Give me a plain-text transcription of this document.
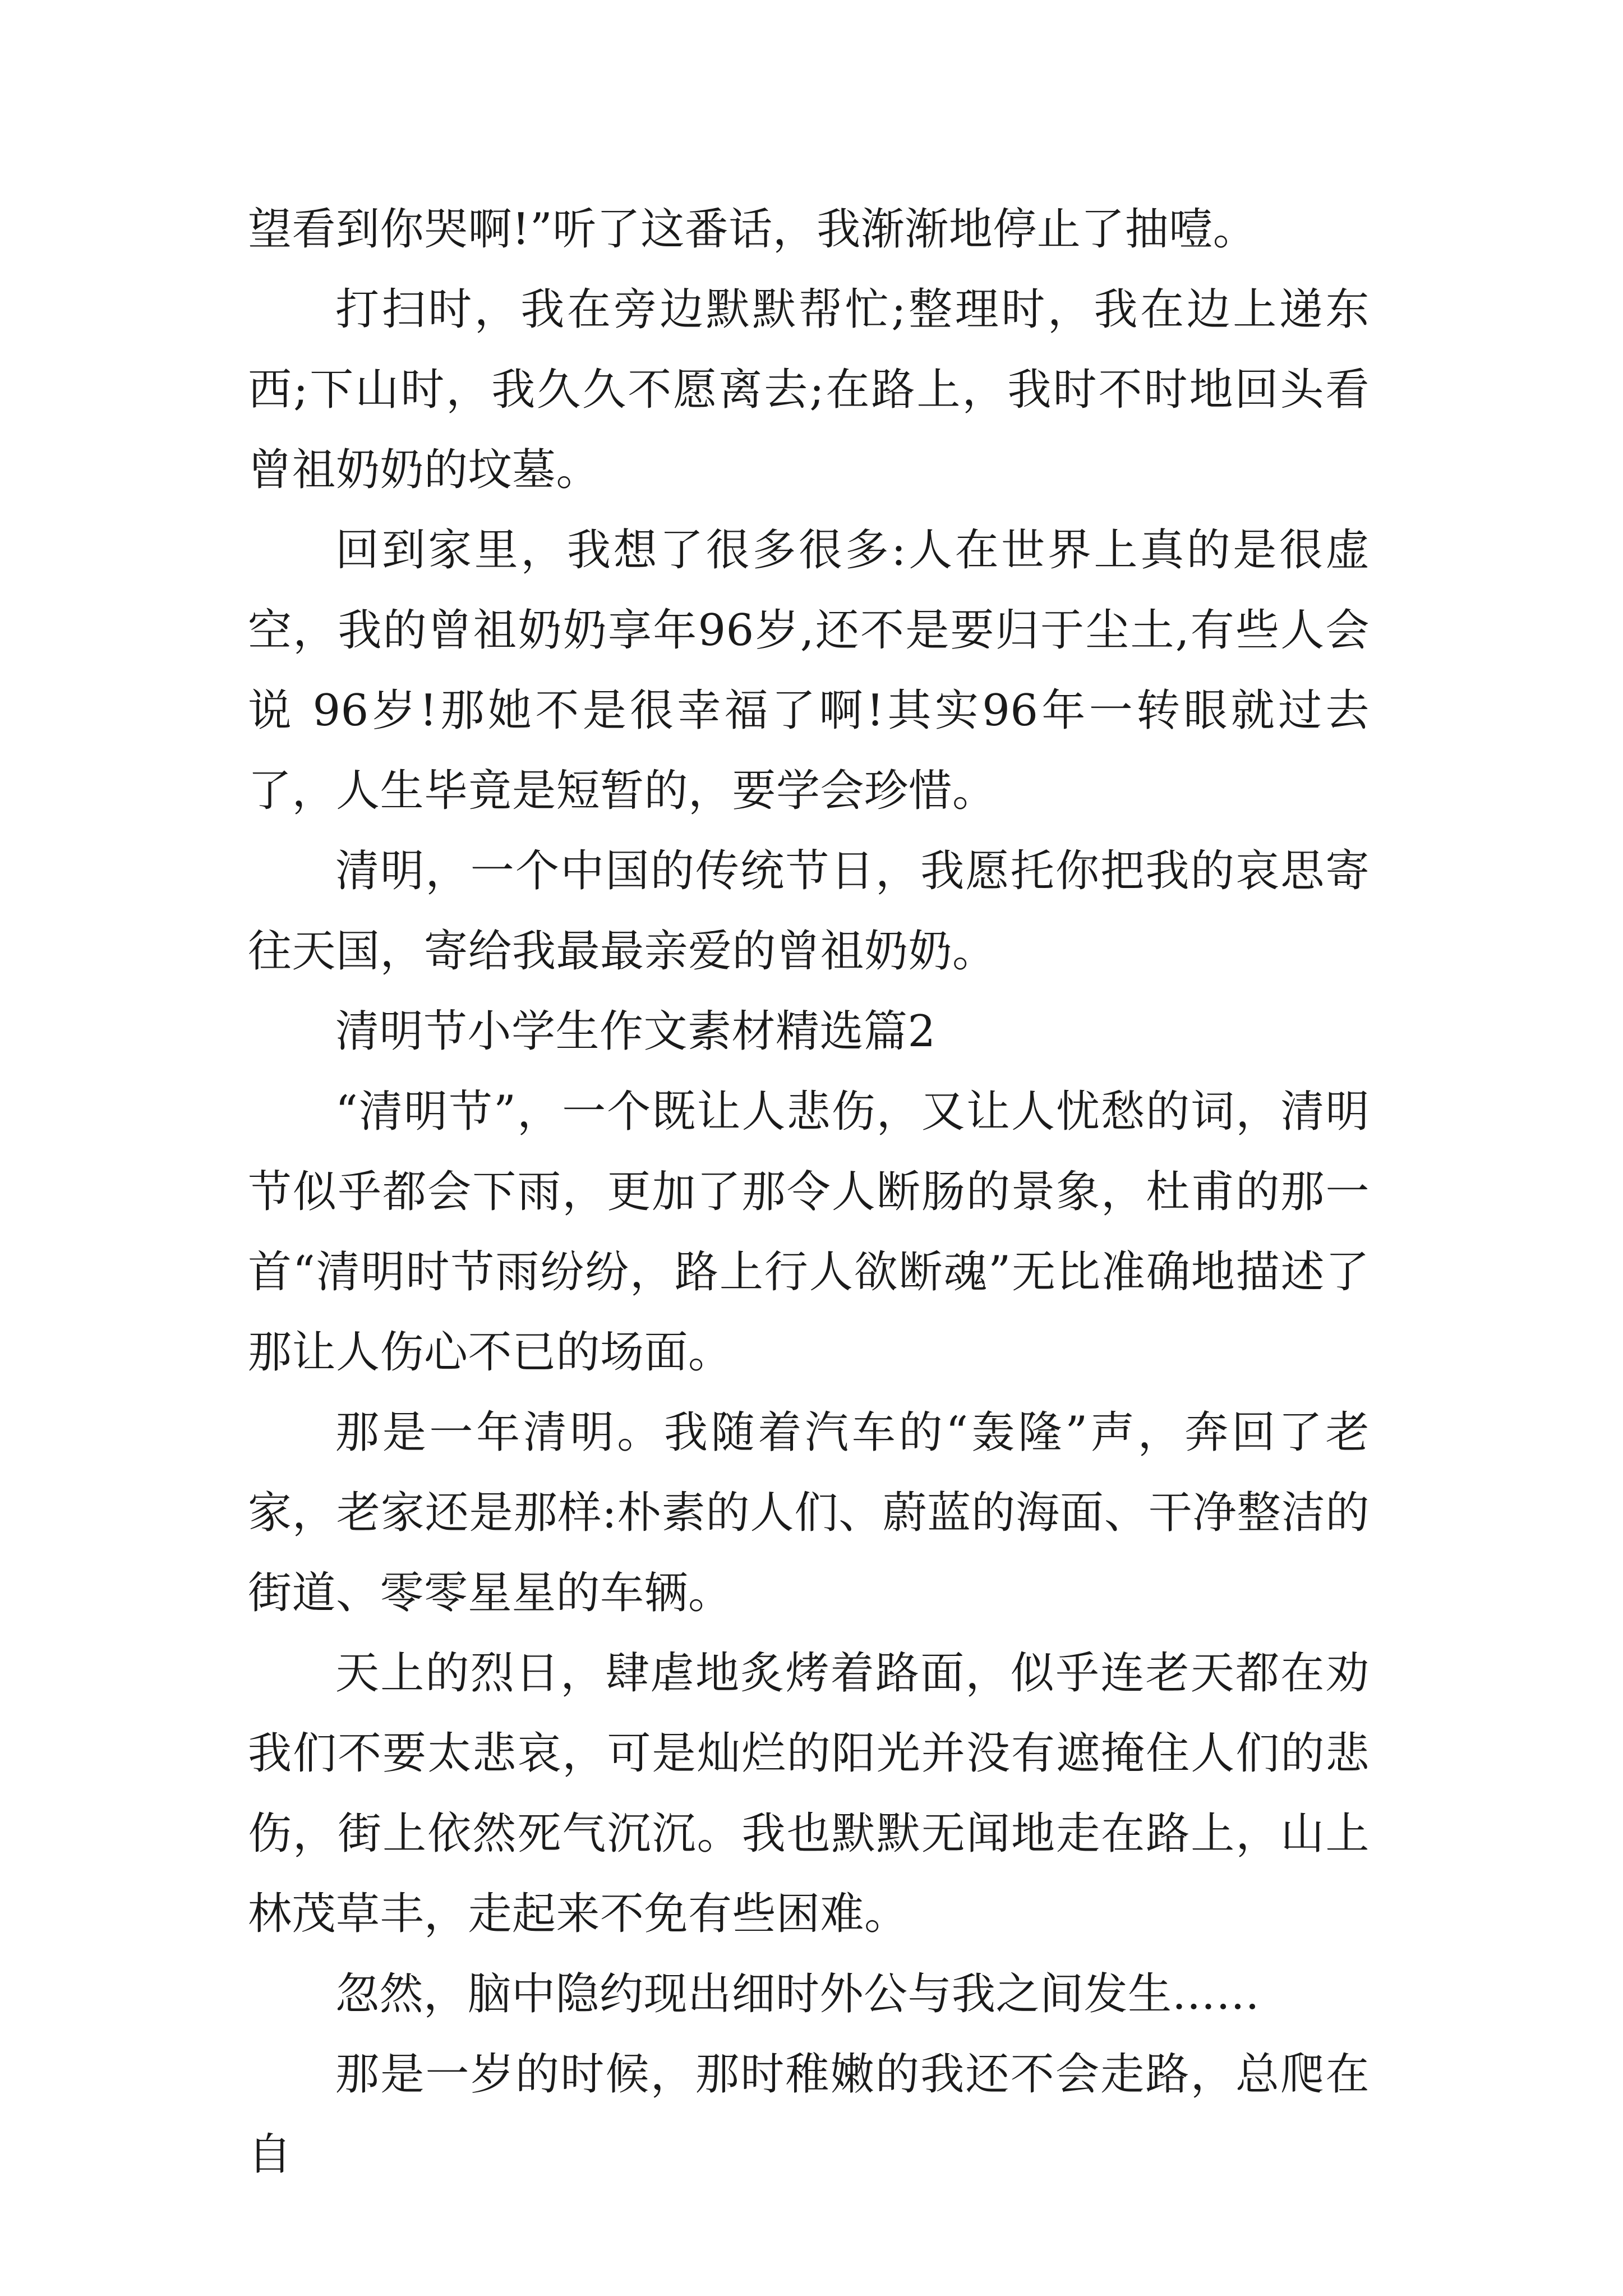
望看到你哭啊!”听了这番话，我渐渐地停止了抽噎。

打扫时，我在旁边默默帮忙;整理时，我在边上递东西;下山时，我久久不愿离去;在路上，我时不时地回头看曾祖奶奶的坟墓。

回到家里，我想了很多很多:人在世界上真的是很虚空，我的曾祖奶奶享年96岁,还不是要归于尘土,有些人会说 96岁!那她不是很幸福了啊!其实96年一转眼就过去了，人生毕竟是短暂的，要学会珍惜。

清明，一个中国的传统节日，我愿托你把我的哀思寄往天国，寄给我最最亲爱的曾祖奶奶。

清明节小学生作文素材精选篇2

“清明节”，一个既让人悲伤，又让人忧愁的词，清明节似乎都会下雨，更加了那令人断肠的景象，杜甫的那一首“清明时节雨纷纷，路上行人欲断魂”无比准确地描述了那让人伤心不已的场面。

那是一年清明。我随着汽车的“轰隆”声，奔回了老家，老家还是那样:朴素的人们、蔚蓝的海面、干净整洁的街道、零零星星的车辆。

天上的烈日，肆虐地炙烤着路面，似乎连老天都在劝我们不要太悲哀，可是灿烂的阳光并没有遮掩住人们的悲伤，街上依然死气沉沉。我也默默无闻地走在路上，山上林茂草丰，走起来不免有些困难。

忽然，脑中隐约现出细时外公与我之间发生……

那是一岁的时候，那时稚嫩的我还不会走路，总爬在自
